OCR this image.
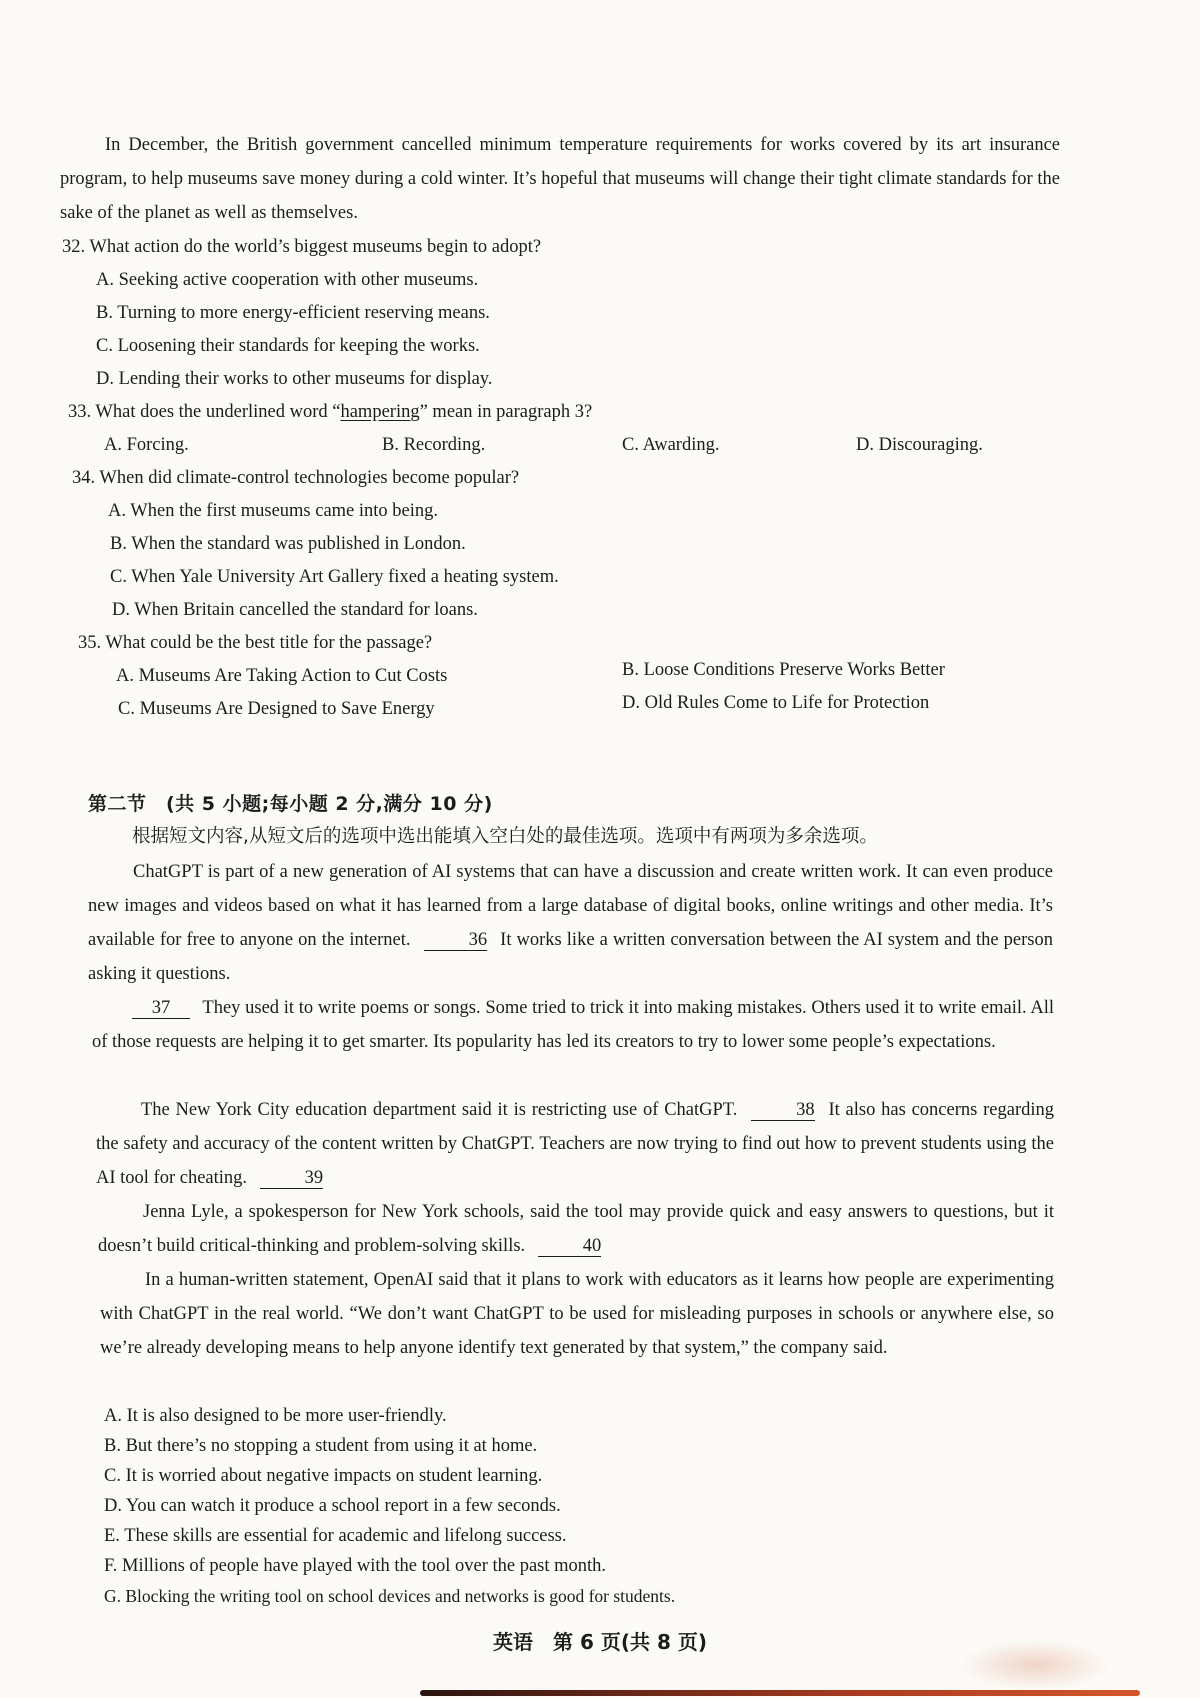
In December, the British government cancelled minimum temperature requirements for works covered by its art insurance program, to help museums save money during a cold winter. It’s hopeful that museums will change their tight climate standards for the sake of the planet as well as themselves.
32. What action do the world’s biggest museums begin to adopt?
A. Seeking active cooperation with other museums.
B. Turning to more energy-efficient reserving means.
C. Loosening their standards for keeping the works.
D. Lending their works to other museums for display.
33. What does the underlined word “hampering” mean in paragraph 3?
A. Forcing.	B. Recording.	C. Awarding.	D. Discouraging.
34. When did climate-control technologies become popular?
A. When the first museums came into being.
B. When the standard was published in London.
C. When Yale University Art Gallery fixed a heating system.
D. When Britain cancelled the standard for loans.
35. What could be the best title for the passage?
A. Museums Are Taking Action to Cut Costs	B. Loose Conditions Preserve Works Better
C. Museums Are Designed to Save Energy	D. Old Rules Come to Life for Protection
第二节　(共 5 小题;每小题 2 分,满分 10 分)
根据短文内容,从短文后的选项中选出能填入空白处的最佳选项。选项中有两项为多余选项。
ChatGPT is part of a new generation of AI systems that can have a discussion and create written work. It can even produce new images and videos based on what it has learned from a large database of digital books, online writings and other media. It’s available for free to anyone on the internet.	36 It works like a written conversation between the AI system and the person asking it questions.
37 They used it to write poems or songs. Some tried to trick it into making mistakes. Others used it to write email. All of those requests are helping it to get smarter. Its popularity has led its creators to try to lower some people’s expectations.
The New York City education department said it is restricting use of ChatGPT.	38 It also has concerns regarding the safety and accuracy of the content written by ChatGPT. Teachers are now trying to find out how to prevent students using the AI tool for cheating.	39
Jenna Lyle, a spokesperson for New York schools, said the tool may provide quick and easy answers to questions, but it doesn’t build critical-thinking and problem-solving skills.	40
In a human-written statement, OpenAI said that it plans to work with educators as it learns how people are experimenting with ChatGPT in the real world. “We don’t want ChatGPT to be used for misleading purposes in schools or anywhere else, so we’re already developing means to help anyone identify text generated by that system,” the company said.
A. It is also designed to be more user-friendly.
B. But there’s no stopping a student from using it at home.
C. It is worried about negative impacts on student learning.
D. You can watch it produce a school report in a few seconds.
E. These skills are essential for academic and lifelong success.
F. Millions of people have played with the tool over the past month.
G. Blocking the writing tool on school devices and networks is good for students.
英语　第 6 页(共 8 页)
